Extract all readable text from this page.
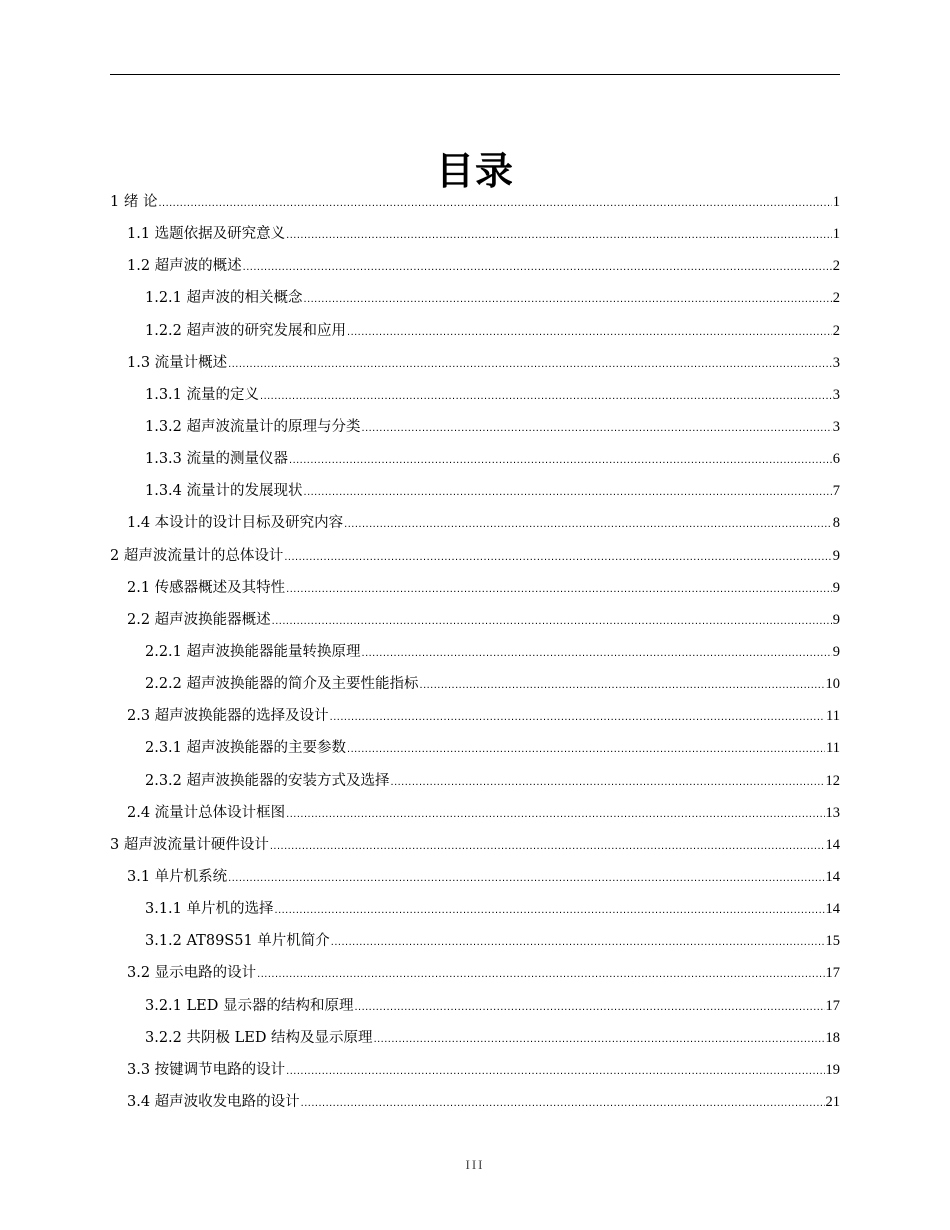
目录
1 绪 论 .....	1
1.1 选题依据及研究意义 .....	1
1.2 超声波的概述 .....	2
1.2.1 超声波的相关概念 .....	2
1.2.2 超声波的研究发展和应用 .....	2
1.3 流量计概述 .....	3
1.3.1 流量的定义 .....	3
1.3.2 超声波流量计的原理与分类 .....	3
1.3.3 流量的测量仪器 .....	6
1.3.4 流量计的发展现状 .....	7
1.4 本设计的设计目标及研究内容 .....	8
2 超声波流量计的总体设计 .....	9
2.1 传感器概述及其特性 .....	9
2.2 超声波换能器概述 .....	9
2.2.1 超声波换能器能量转换原理 .....	9
2.2.2 超声波换能器的简介及主要性能指标 .....	10
2.3 超声波换能器的选择及设计 .....	11
2.3.1 超声波换能器的主要参数 .....	11
2.3.2 超声波换能器的安装方式及选择 .....	12
2.4 流量计总体设计框图 .....	13
3 超声波流量计硬件设计 .....	14
3.1 单片机系统 .....	14
3.1.1 单片机的选择 .....	14
3.1.2 AT89S51 单片机简介 .....	15
3.2 显示电路的设计 .....	17
3.2.1 LED 显示器的结构和原理 .....	17
3.2.2 共阴极 LED 结构及显示原理 .....	18
3.3 按键调节电路的设计 .....	19
3.4 超声波收发电路的设计 .....	21
III
